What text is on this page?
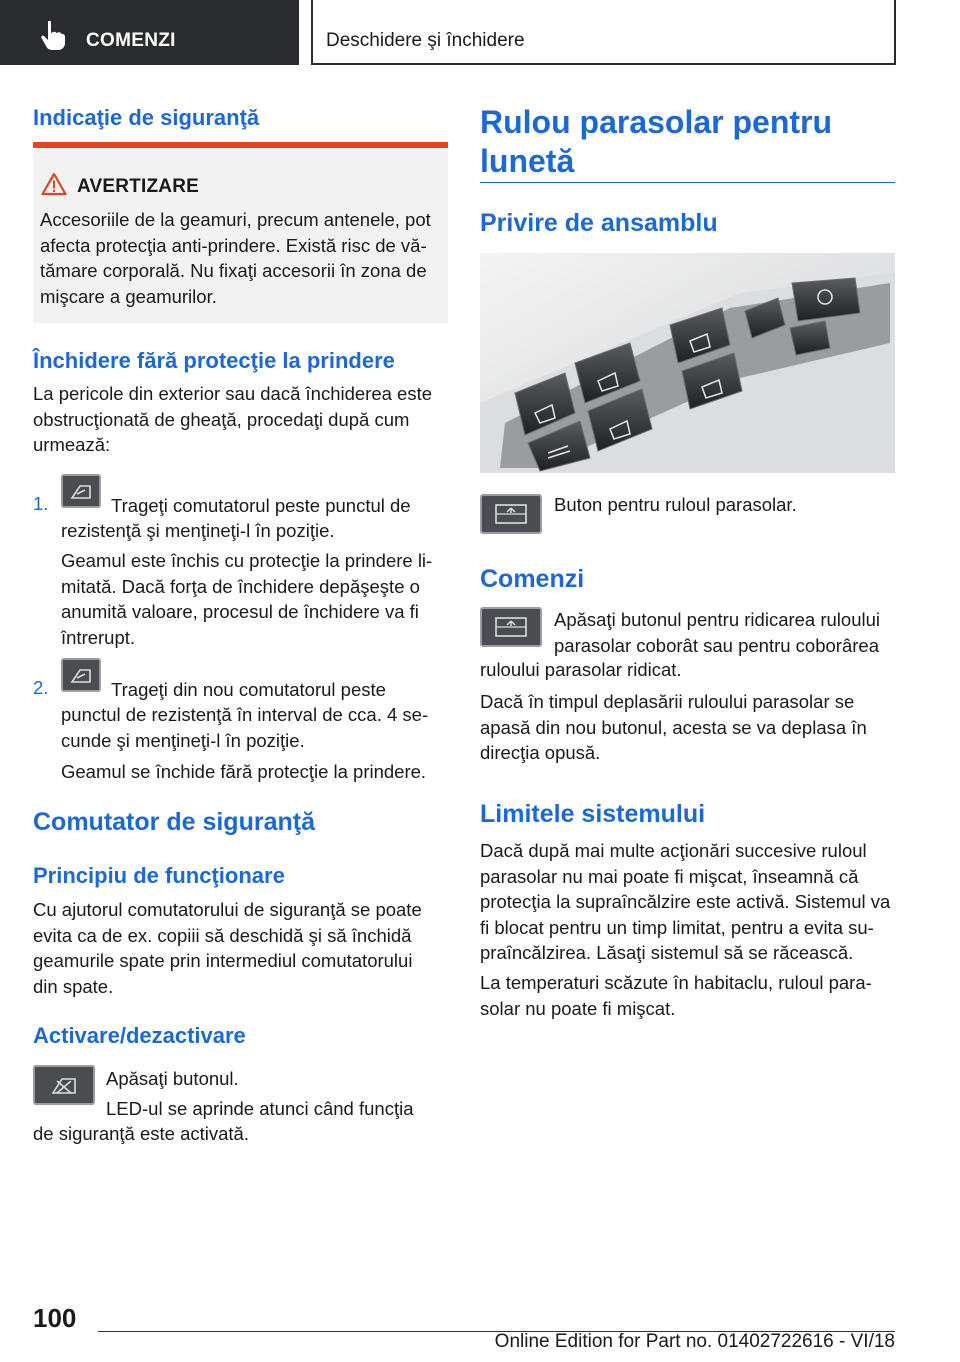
COMENZI	Deschidere şi închidere
Indicaţie de siguranţă
AVERTIZARE
Accesoriile de la geamuri, precum antenele, pot
afecta protecţia anti-prindere. Există risc de vă-
tămare corporală. Nu fixaţi accesorii în zona de
mişcare a geamurilor.
Închidere fără protecţie la prindere
La pericole din exterior sau dacă închiderea este
obstrucţionată de gheaţă, procedaţi după cum
urmează:
1.	Trageţi comutatorul peste punctul de
rezistenţă şi menţineţi-l în poziţie.
Geamul este închis cu protecţie la prindere li-
mitată. Dacă forţa de închidere depăşeşte o
anumită valoare, procesul de închidere va fi
întrerupt.
2.	Trageţi din nou comutatorul peste
punctul de rezistenţă în interval de cca. 4 se-
cunde şi menţineţi-l în poziţie.
Geamul se închide fără protecţie la prindere.
Comutator de siguranţă
Principiu de funcţionare
Cu ajutorul comutatorului de siguranţă se poate
evita ca de ex. copiii să deschidă şi să închidă
geamurile spate prin intermediul comutatorului
din spate.
Activare/dezactivare
Apăsaţi butonul.
LED-ul se aprinde atunci când funcţia
de siguranţă este activată.
Rulou parasolar pentru
lunetă
Privire de ansamblu
Buton pentru ruloul parasolar.
Comenzi
Apăsaţi butonul pentru ridicarea ruloului
parasolar coborât sau pentru coborârea
ruloului parasolar ridicat.
Dacă în timpul deplasării ruloului parasolar se
apasă din nou butonul, acesta se va deplasa în
direcţia opusă.
Limitele sistemului
Dacă după mai multe acţionări succesive ruloul
parasolar nu mai poate fi mişcat, înseamnă că
protecţia la supraîncălzire este activă. Sistemul va
fi blocat pentru un timp limitat, pentru a evita su-
praîncălzirea. Lăsaţi sistemul să se răcească.
La temperaturi scăzute în habitaclu, ruloul para-
solar nu poate fi mişcat.
100
Online Edition for Part no. 01402722616 - VI/18
